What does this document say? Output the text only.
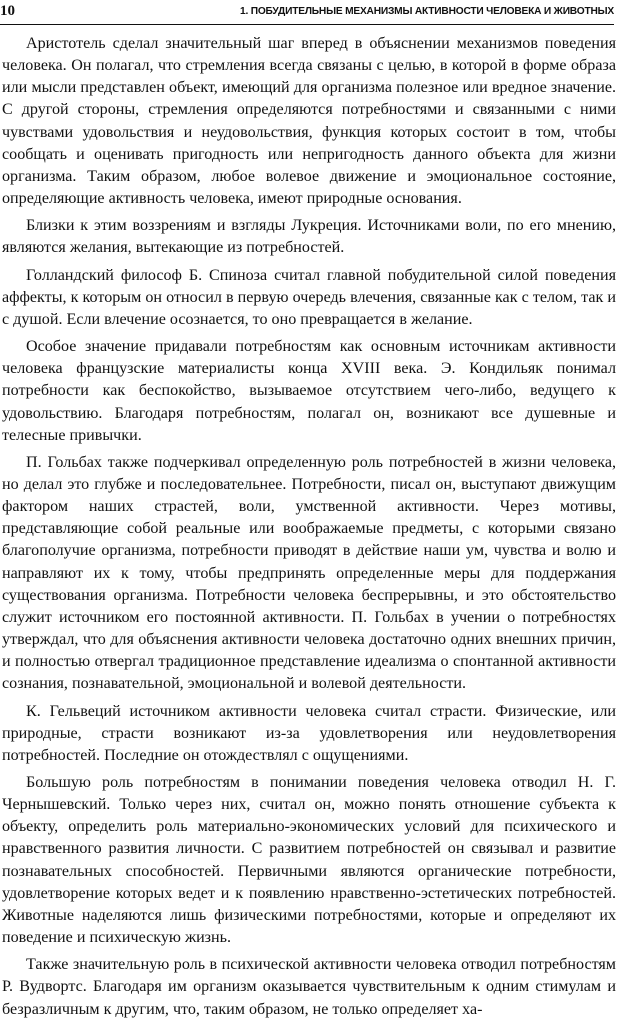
10	1. ПОБУДИТЕЛЬНЫЕ МЕХАНИЗМЫ АКТИВНОСТИ ЧЕЛОВЕКА И ЖИВОТНЫХ

Аристотель сделал значительный шаг вперед в объяснении механизмов поведения человека. Он полагал, что стремления всегда связаны с целью, в которой в форме образа или мысли представлен объект, имеющий для организма полезное или вредное значение. С другой стороны, стремления определяются потребностями и связанными с ними чувствами удовольствия и неудовольствия, функция которых состоит в том, чтобы сообщать и оценивать пригодность или непригодность данного объекта для жизни организма. Таким образом, любое волевое движение и эмоциональное состояние, определяющие активность человека, имеют природные основания.

Близки к этим воззрениям и взгляды Лукреция. Источниками воли, по его мнению, являются желания, вытекающие из потребностей.

Голландский философ Б. Спиноза считал главной побудительной силой поведения аффекты, к которым он относил в первую очередь влечения, связанные как с телом, так и с душой. Если влечение осознается, то оно превращается в желание.

Особое значение придавали потребностям как основным источникам активности человека французские материалисты конца XVIII века. Э. Кондильяк понимал потребности как беспокойство, вызываемое отсутствием чего-либо, ведущего к удовольствию. Благодаря потребностям, полагал он, возникают все душевные и телесные привычки.

П. Гольбах также подчеркивал определенную роль потребностей в жизни человека, но делал это глубже и последовательнее. Потребности, писал он, выступают движущим фактором наших страстей, воли, умственной активности. Через мотивы, представляющие собой реальные или воображаемые предметы, с которыми связано благополучие организма, потребности приводят в действие наши ум, чувства и волю и направляют их к тому, чтобы предпринять определенные меры для поддержания существования организма. Потребности человека беспрерывны, и это обстоятельство служит источником его постоянной активности. П. Гольбах в учении о потребностях утверждал, что для объяснения активности человека достаточно одних внешних причин, и полностью отвергал традиционное представление идеализма о спонтанной активности сознания, познавательной, эмоциональной и волевой деятельности.

К. Гельвеций источником активности человека считал страсти. Физические, или природные, страсти возникают из-за удовлетворения или неудовлетворения потребностей. Последние он отождествлял с ощущениями.

Большую роль потребностям в понимании поведения человека отводил Н. Г. Чернышевский. Только через них, считал он, можно понять отношение субъекта к объекту, определить роль материально-экономических условий для психического и нравственного развития личности. С развитием потребностей он связывал и развитие познавательных способностей. Первичными являются органические потребности, удовлетворение которых ведет и к появлению нравственно-эстетических потребностей. Животные наделяются лишь физическими потребностями, которые и определяют их поведение и психическую жизнь.

Также значительную роль в психической активности человека отводил потребностям Р. Вудвортс. Благодаря им организм оказывается чувствительным к одним стимулам и безразличным к другим, что, таким образом, не только определяет ха-
